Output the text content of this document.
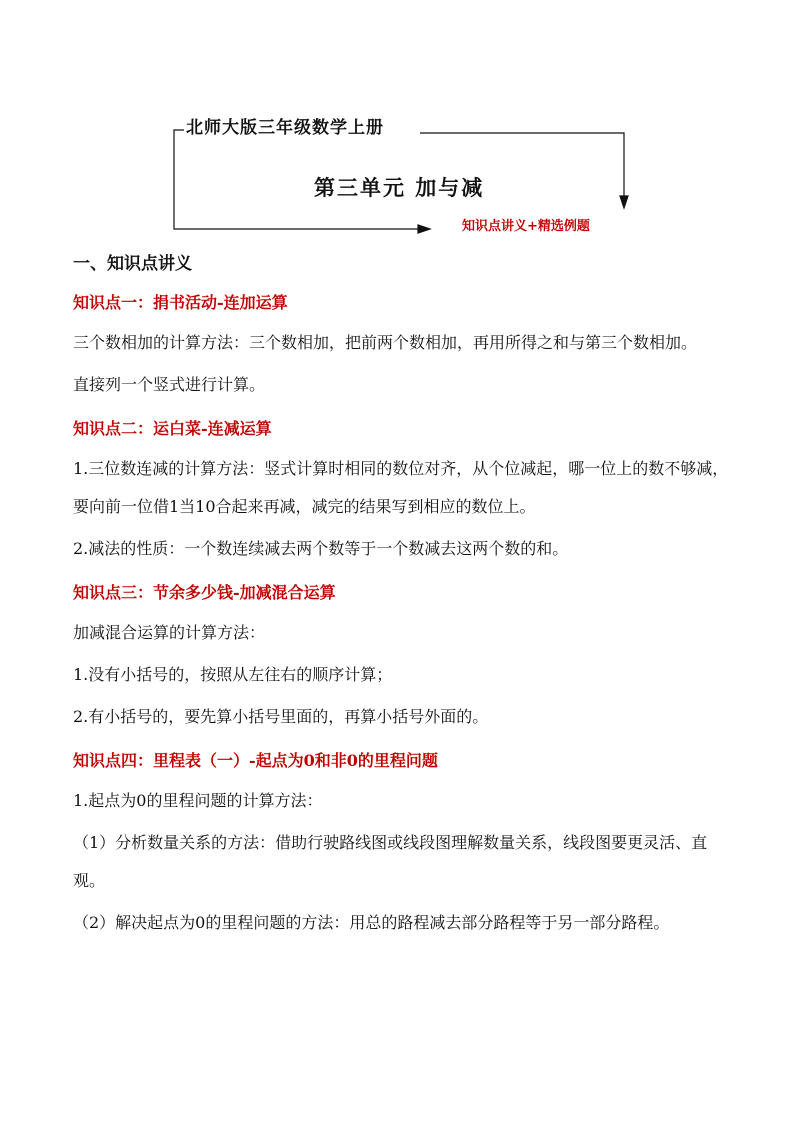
北师大版三年级数学上册
第三单元 加与减
知识点讲义+精选例题
一、知识点讲义
知识点一：捐书活动-连加运算

三个数相加的计算方法：三个数相加，把前两个数相加，再用所得之和与第三个数相加。

直接列一个竖式进行计算。

知识点二：运白菜-连减运算

1.三位数连减的计算方法：竖式计算时相同的数位对齐，从个位减起，哪一位上的数不够减，要向前一位借1当10合起来再减，减完的结果写到相应的数位上。

2.减法的性质：一个数连续减去两个数等于一个数减去这两个数的和。

知识点三：节余多少钱-加减混合运算

加减混合运算的计算方法：

1.没有小括号的，按照从左往右的顺序计算；

2.有小括号的，要先算小括号里面的，再算小括号外面的。

知识点四：里程表（一）-起点为0和非0的里程问题

1.起点为0的里程问题的计算方法：

（1）分析数量关系的方法：借助行驶路线图或线段图理解数量关系，线段图要更灵活、直观。

（2）解决起点为0的里程问题的方法：用总的路程减去部分路程等于另一部分路程。
